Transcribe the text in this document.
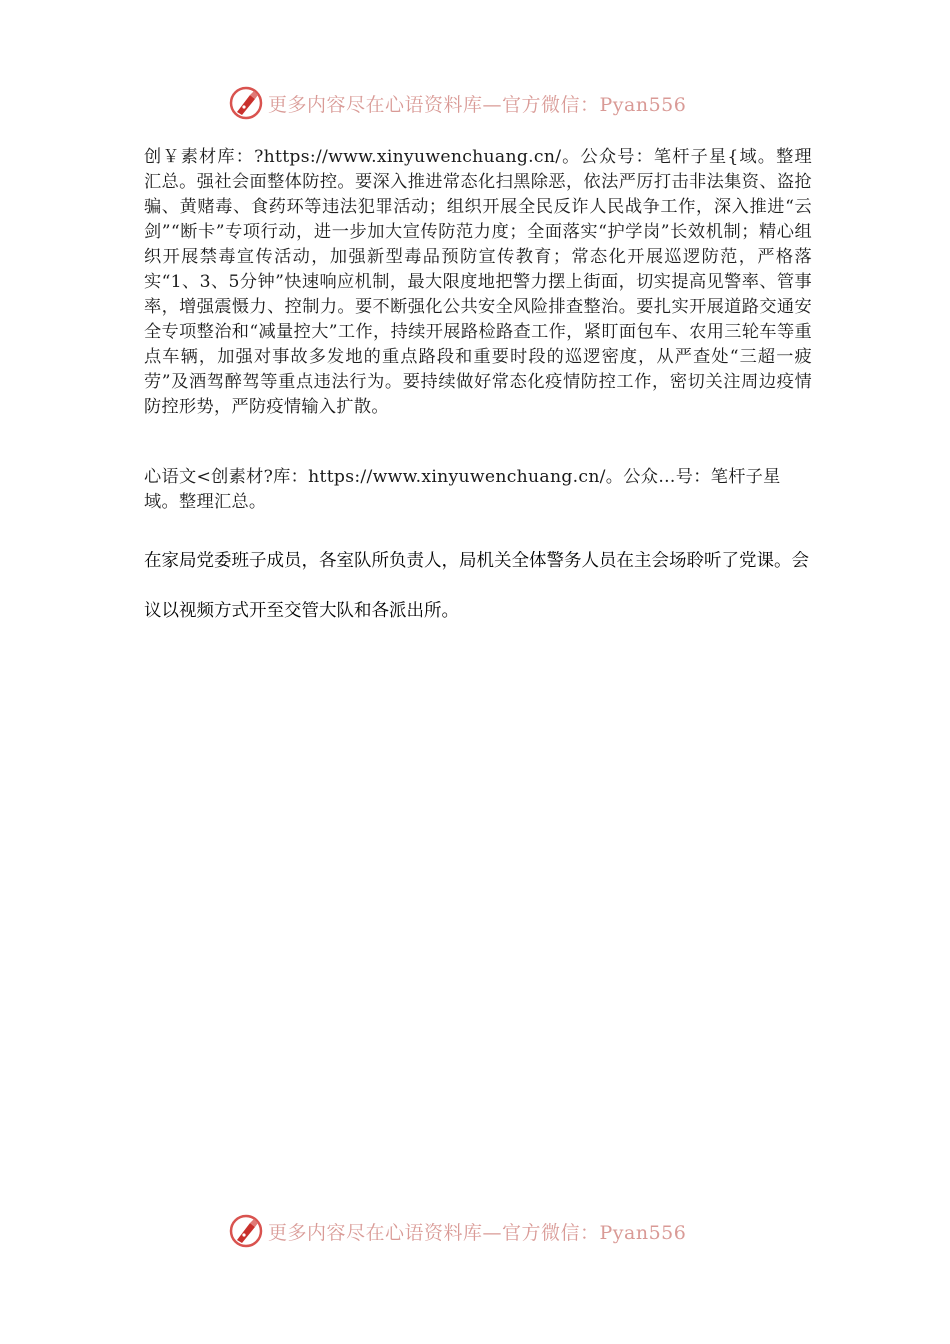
更多内容尽在心语资料库—官方微信：Pyan556

创￥素材库：?https://www.xinyuwenchuang.cn/。公众号：笔杆子星{域。整理汇总。强社会面整体防控。要深入推进常态化扫黑除恶，依法严厉打击非法集资、盗抢骗、黄赌毒、食药环等违法犯罪活动；组织开展全民反诈人民战争工作，深入推进“云剑”“断卡”专项行动，进一步加大宣传防范力度；全面落实“护学岗”长效机制；精心组织开展禁毒宣传活动，加强新型毒品预防宣传教育；常态化开展巡逻防范，严格落实“1、3、5分钟”快速响应机制，最大限度地把警力摆上街面，切实提高见警率、管事率，增强震慑力、控制力。要不断强化公共安全风险排查整治。要扎实开展道路交通安全专项整治和“减量控大”工作，持续开展路检路查工作，紧盯面包车、农用三轮车等重点车辆，加强对事故多发地的重点路段和重要时段的巡逻密度，从严查处“三超一疲劳”及酒驾醉驾等重点违法行为。要持续做好常态化疫情防控工作，密切关注周边疫情防控形势，严防疫情输入扩散。

心语文<创素材?库：https://www.xinyuwenchuang.cn/。公众…号：笔杆子星域。整理汇总。

在家局党委班子成员，各室队所负责人，局机关全体警务人员在主会场聆听了党课。会议以视频方式开至交管大队和各派出所。

更多内容尽在心语资料库—官方微信：Pyan556
